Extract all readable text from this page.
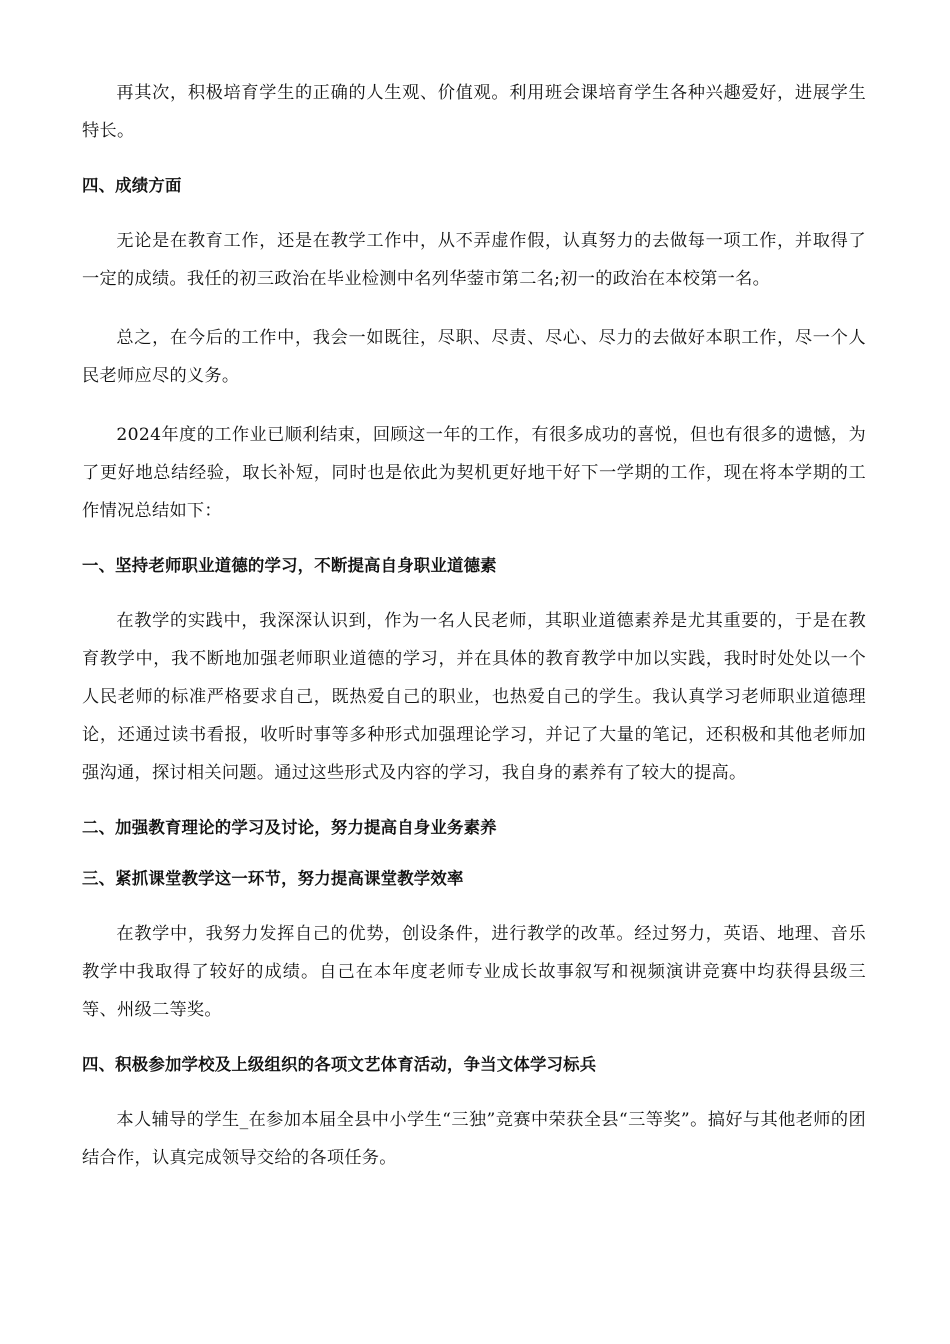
再其次，积极培育学生的正确的人生观、价值观。利用班会课培育学生各种兴趣爱好，进展学生特长。

四、成绩方面

无论是在教育工作，还是在教学工作中，从不弄虚作假，认真努力的去做每一项工作，并取得了一定的成绩。我任的初三政治在毕业检测中名列华蓥市第二名;初一的政治在本校第一名。

总之，在今后的工作中，我会一如既往，尽职、尽责、尽心、尽力的去做好本职工作，尽一个人民老师应尽的义务。

2024年度的工作业已顺利结束，回顾这一年的工作，有很多成功的喜悦，但也有很多的遗憾，为了更好地总结经验，取长补短，同时也是依此为契机更好地干好下一学期的工作，现在将本学期的工作情况总结如下：

一、坚持老师职业道德的学习，不断提高自身职业道德素

在教学的实践中，我深深认识到，作为一名人民老师，其职业道德素养是尤其重要的，于是在教育教学中，我不断地加强老师职业道德的学习，并在具体的教育教学中加以实践，我时时处处以一个人民老师的标准严格要求自己，既热爱自己的职业，也热爱自己的学生。我认真学习老师职业道德理论，还通过读书看报，收听时事等多种形式加强理论学习，并记了大量的笔记，还积极和其他老师加强沟通，探讨相关问题。通过这些形式及内容的学习，我自身的素养有了较大的提高。

二、加强教育理论的学习及讨论，努力提高自身业务素养

三、紧抓课堂教学这一环节，努力提高课堂教学效率

在教学中，我努力发挥自己的优势，创设条件，进行教学的改革。经过努力，英语、地理、音乐教学中我取得了较好的成绩。自己在本年度老师专业成长故事叙写和视频演讲竞赛中均获得县级三等、州级二等奖。

四、积极参加学校及上级组织的各项文艺体育活动，争当文体学习标兵

本人辅导的学生_在参加本届全县中小学生“三独”竞赛中荣获全县“三等奖”。搞好与其他老师的团结合作，认真完成领导交给的各项任务。
